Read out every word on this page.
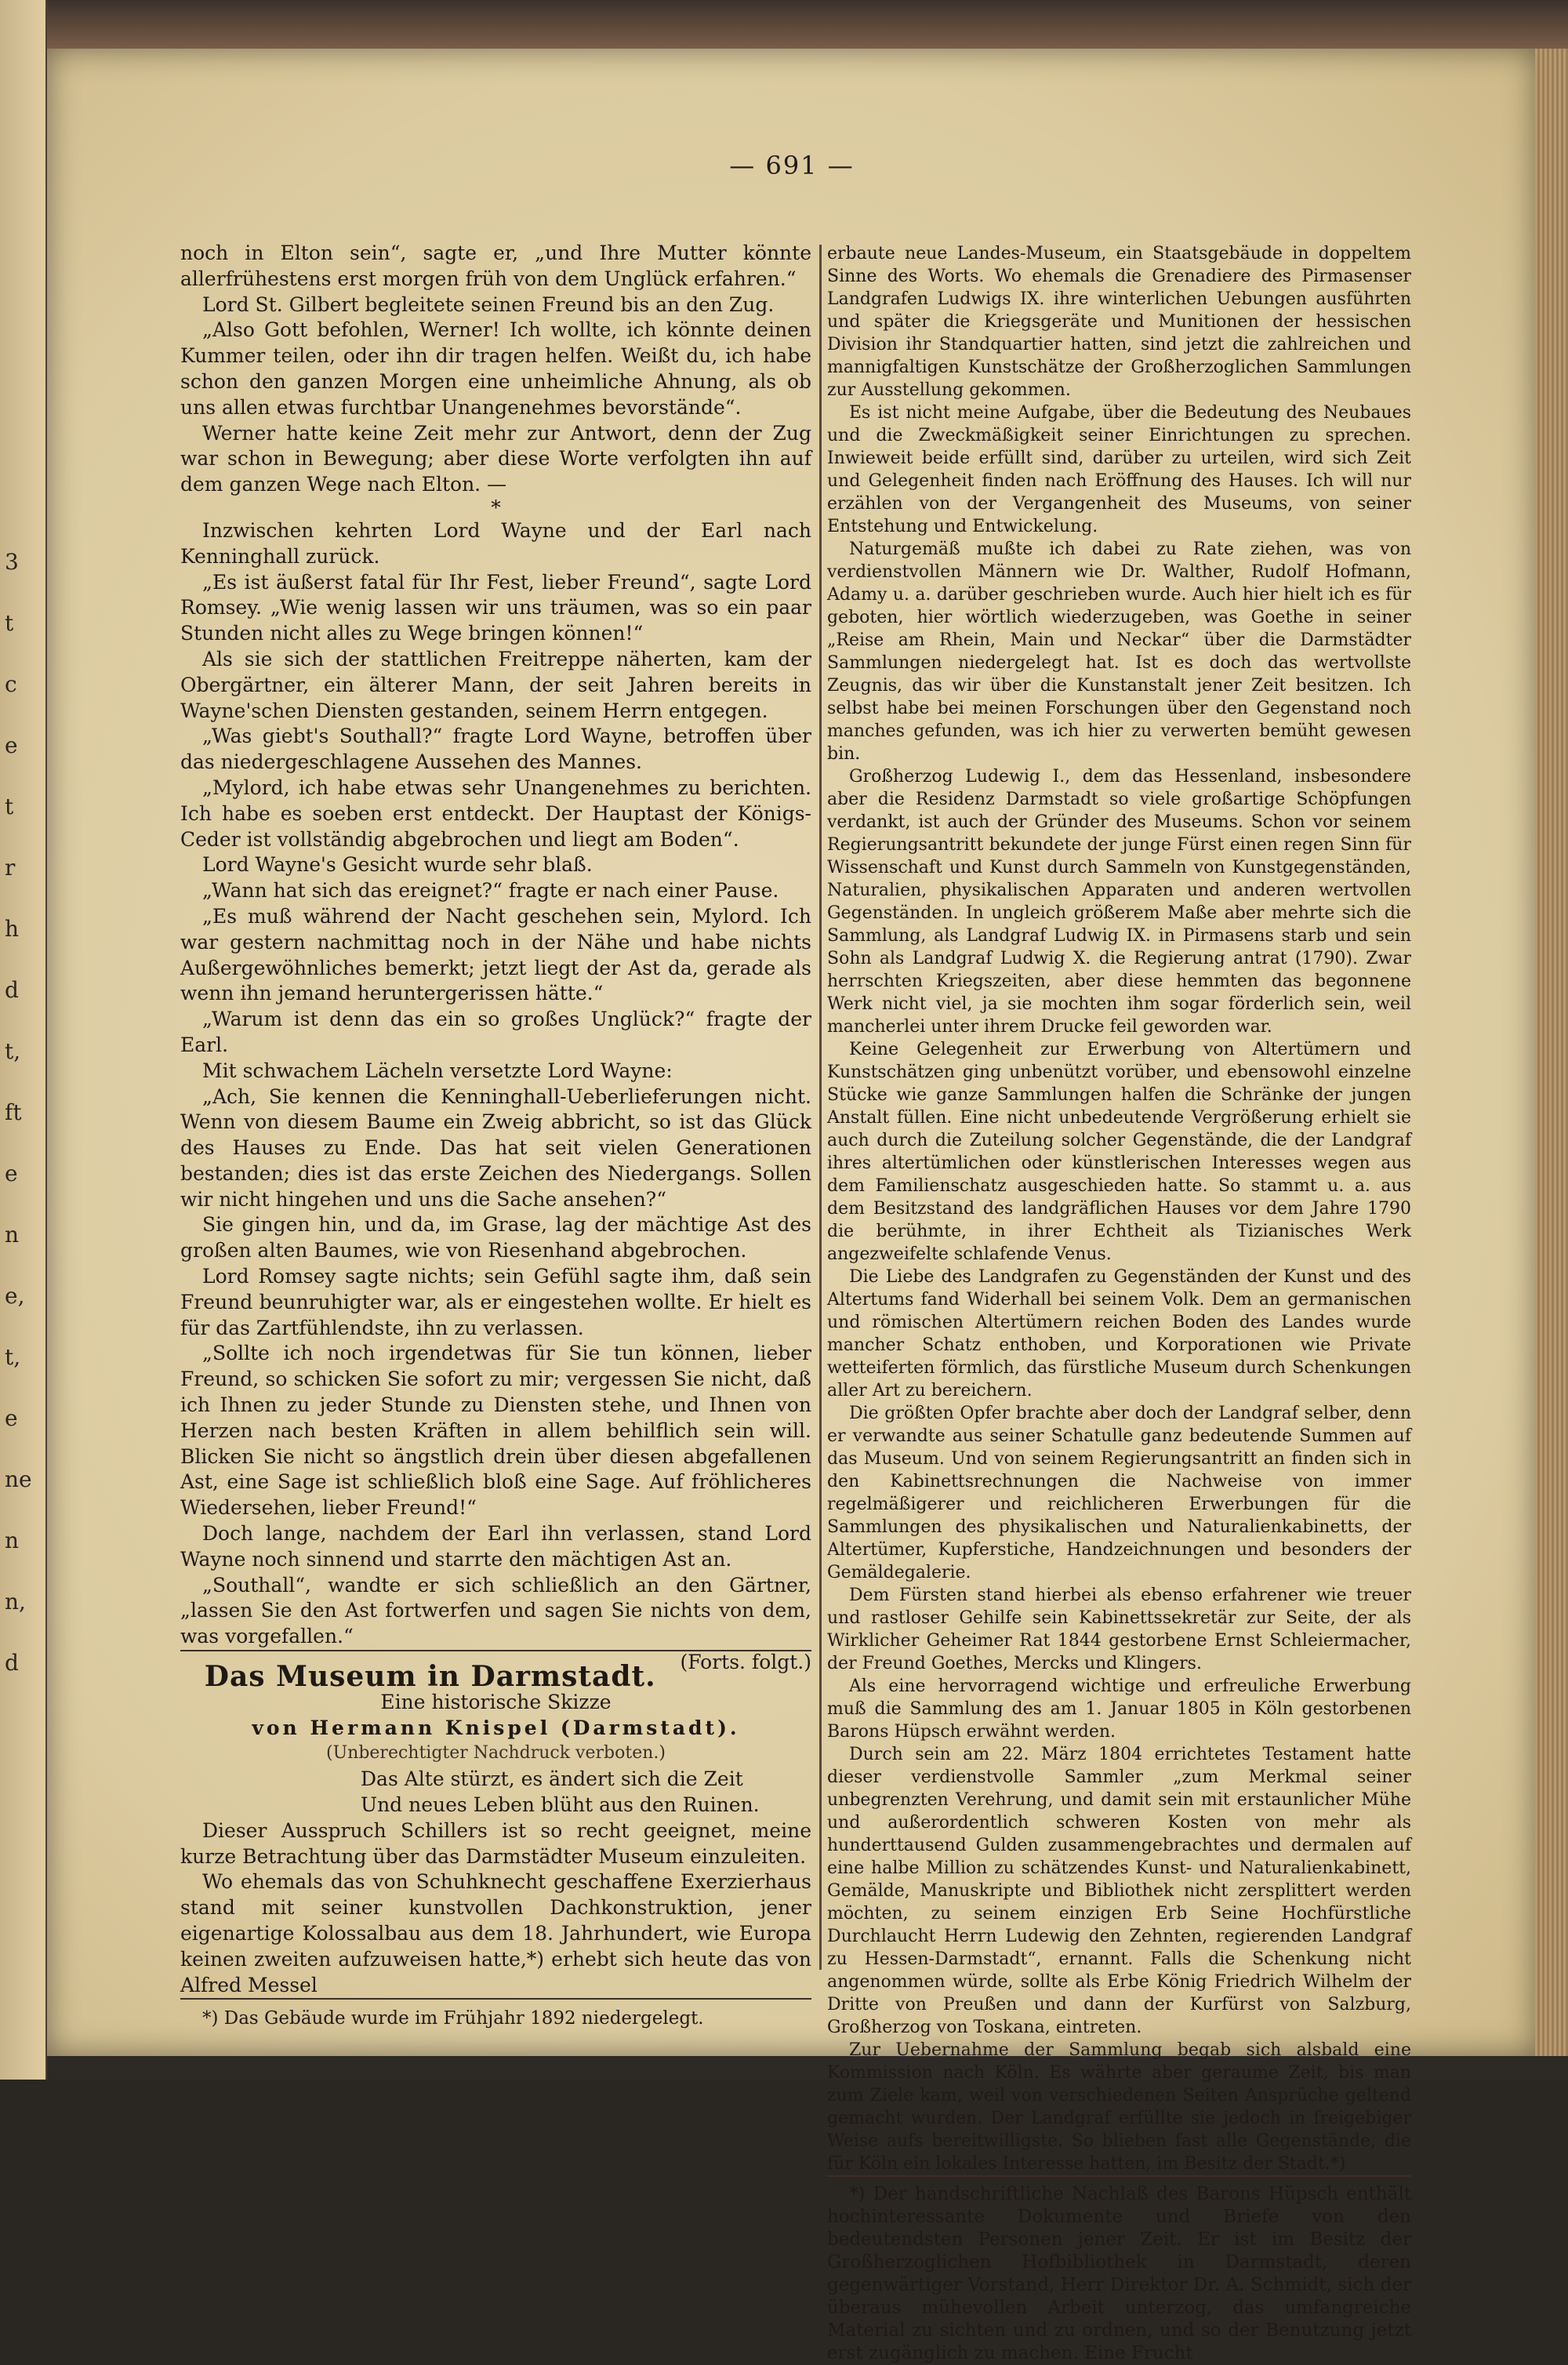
3
t
c
e
t
r
h
d
t,
ft
e
n
e,
t,
e
ne
n
n,
d
— 691 —

noch in Elton sein“, sagte er, „und Ihre Mutter könnte allerfrühestens erst morgen früh von dem Unglück erfahren.“

Lord St. Gilbert begleitete seinen Freund bis an den Zug.

„Also Gott befohlen, Werner! Ich wollte, ich könnte deinen Kummer teilen, oder ihn dir tragen helfen. Weißt du, ich habe schon den ganzen Morgen eine unheimliche Ahnung, als ob uns allen etwas furchtbar Unangenehmes bevorstände“.

Werner hatte keine Zeit mehr zur Antwort, denn der Zug war schon in Bewegung; aber diese Worte verfolgten ihn auf dem ganzen Wege nach Elton. —

*

Inzwischen kehrten Lord Wayne und der Earl nach Kenninghall zurück.

„Es ist äußerst fatal für Ihr Fest, lieber Freund“, sagte Lord Romsey. „Wie wenig lassen wir uns träumen, was so ein paar Stunden nicht alles zu Wege bringen können!“

Als sie sich der stattlichen Freitreppe näherten, kam der Obergärtner, ein älterer Mann, der seit Jahren bereits in Wayne'schen Diensten gestanden, seinem Herrn entgegen.

„Was giebt's Southall?“ fragte Lord Wayne, betroffen über das niedergeschlagene Aussehen des Mannes.

„Mylord, ich habe etwas sehr Unangenehmes zu berichten. Ich habe es soeben erst entdeckt. Der Hauptast der Königs-Ceder ist vollständig abgebrochen und liegt am Boden“.

Lord Wayne's Gesicht wurde sehr blaß.

„Wann hat sich das ereignet?“ fragte er nach einer Pause.

„Es muß während der Nacht geschehen sein, Mylord. Ich war gestern nachmittag noch in der Nähe und habe nichts Außergewöhnliches bemerkt; jetzt liegt der Ast da, gerade als wenn ihn jemand heruntergerissen hätte.“

„Warum ist denn das ein so großes Unglück?“ fragte der Earl.

Mit schwachem Lächeln versetzte Lord Wayne:

„Ach, Sie kennen die Kenninghall-Ueberlieferungen nicht. Wenn von diesem Baume ein Zweig abbricht, so ist das Glück des Hauses zu Ende. Das hat seit vielen Generationen bestanden; dies ist das erste Zeichen des Niedergangs. Sollen wir nicht hingehen und uns die Sache ansehen?“

Sie gingen hin, und da, im Grase, lag der mächtige Ast des großen alten Baumes, wie von Riesenhand abgebrochen.

Lord Romsey sagte nichts; sein Gefühl sagte ihm, daß sein Freund beunruhigter war, als er eingestehen wollte. Er hielt es für das Zartfühlendste, ihn zu verlassen.

„Sollte ich noch irgendetwas für Sie tun können, lieber Freund, so schicken Sie sofort zu mir; vergessen Sie nicht, daß ich Ihnen zu jeder Stunde zu Diensten stehe, und Ihnen von Herzen nach besten Kräften in allem behilflich sein will. Blicken Sie nicht so ängstlich drein über diesen abgefallenen Ast, eine Sage ist schließlich bloß eine Sage. Auf fröhlicheres Wiedersehen, lieber Freund!“

Doch lange, nachdem der Earl ihn verlassen, stand Lord Wayne noch sinnend und starrte den mächtigen Ast an.

„Southall“, wandte er sich schließlich an den Gärtner, „lassen Sie den Ast fortwerfen und sagen Sie nichts von dem, was vorgefallen.“

(Forts. folgt.)

Das Museum in Darmstadt.

Eine historische Skizze

von Hermann Knispel (Darmstadt).

(Unberechtigter Nachdruck verboten.)

Das Alte stürzt, es ändert sich die Zeit

Und neues Leben blüht aus den Ruinen.

Dieser Ausspruch Schillers ist so recht geeignet, meine kurze Betrachtung über das Darmstädter Museum einzuleiten.

Wo ehemals das von Schuhknecht geschaffene Exerzierhaus stand mit seiner kunstvollen Dachkonstruktion, jener eigenartige Kolossalbau aus dem 18. Jahrhundert, wie Europa keinen zweiten aufzuweisen hatte,*) erhebt sich heute das von Alfred Messel

*) Das Gebäude wurde im Frühjahr 1892 niedergelegt.

erbaute neue Landes-Museum, ein Staatsgebäude in doppeltem Sinne des Worts. Wo ehemals die Grenadiere des Pirmasenser Landgrafen Ludwigs IX. ihre winterlichen Uebungen ausführten und später die Kriegsgeräte und Munitionen der hessischen Division ihr Standquartier hatten, sind jetzt die zahlreichen und mannigfaltigen Kunstschätze der Großherzoglichen Sammlungen zur Ausstellung gekommen.

Es ist nicht meine Aufgabe, über die Bedeutung des Neubaues und die Zweckmäßigkeit seiner Einrichtungen zu sprechen. Inwieweit beide erfüllt sind, darüber zu urteilen, wird sich Zeit und Gelegenheit finden nach Eröffnung des Hauses. Ich will nur erzählen von der Vergangenheit des Museums, von seiner Entstehung und Entwickelung.

Naturgemäß mußte ich dabei zu Rate ziehen, was von verdienstvollen Männern wie Dr. Walther, Rudolf Hofmann, Adamy u. a. darüber geschrieben wurde. Auch hier hielt ich es für geboten, hier wörtlich wiederzugeben, was Goethe in seiner „Reise am Rhein, Main und Neckar“ über die Darmstädter Sammlungen niedergelegt hat. Ist es doch das wertvollste Zeugnis, das wir über die Kunstanstalt jener Zeit besitzen. Ich selbst habe bei meinen Forschungen über den Gegenstand noch manches gefunden, was ich hier zu verwerten bemüht gewesen bin.

Großherzog Ludewig I., dem das Hessenland, insbesondere aber die Residenz Darmstadt so viele großartige Schöpfungen verdankt, ist auch der Gründer des Museums. Schon vor seinem Regierungsantritt bekundete der junge Fürst einen regen Sinn für Wissenschaft und Kunst durch Sammeln von Kunstgegenständen, Naturalien, physikalischen Apparaten und anderen wertvollen Gegenständen. In ungleich größerem Maße aber mehrte sich die Sammlung, als Landgraf Ludwig IX. in Pirmasens starb und sein Sohn als Landgraf Ludwig X. die Regierung antrat (1790). Zwar herrschten Kriegszeiten, aber diese hemmten das begonnene Werk nicht viel, ja sie mochten ihm sogar förderlich sein, weil mancherlei unter ihrem Drucke feil geworden war.

Keine Gelegenheit zur Erwerbung von Altertümern und Kunstschätzen ging unbenützt vorüber, und ebensowohl einzelne Stücke wie ganze Sammlungen halfen die Schränke der jungen Anstalt füllen. Eine nicht unbedeutende Vergrößerung erhielt sie auch durch die Zuteilung solcher Gegenstände, die der Landgraf ihres altertümlichen oder künstlerischen Interesses wegen aus dem Familienschatz ausgeschieden hatte. So stammt u. a. aus dem Besitzstand des landgräflichen Hauses vor dem Jahre 1790 die berühmte, in ihrer Echtheit als Tizianisches Werk angezweifelte schlafende Venus.

Die Liebe des Landgrafen zu Gegenständen der Kunst und des Altertums fand Widerhall bei seinem Volk. Dem an germanischen und römischen Altertümern reichen Boden des Landes wurde mancher Schatz enthoben, und Korporationen wie Private wetteiferten förmlich, das fürstliche Museum durch Schenkungen aller Art zu bereichern.

Die größten Opfer brachte aber doch der Landgraf selber, denn er verwandte aus seiner Schatulle ganz bedeutende Summen auf das Museum. Und von seinem Regierungsantritt an finden sich in den Kabinettsrechnungen die Nachweise von immer regelmäßigerer und reichlicheren Erwerbungen für die Sammlungen des physikalischen und Naturalienkabinetts, der Altertümer, Kupferstiche, Handzeichnungen und besonders der Gemäldegalerie.

Dem Fürsten stand hierbei als ebenso erfahrener wie treuer und rastloser Gehilfe sein Kabinettssekretär zur Seite, der als Wirklicher Geheimer Rat 1844 gestorbene Ernst Schleiermacher, der Freund Goethes, Mercks und Klingers.

Als eine hervorragend wichtige und erfreuliche Erwerbung muß die Sammlung des am 1. Januar 1805 in Köln gestorbenen Barons Hüpsch erwähnt werden.

Durch sein am 22. März 1804 errichtetes Testament hatte dieser verdienstvolle Sammler „zum Merkmal seiner unbegrenzten Verehrung, und damit sein mit erstaunlicher Mühe und außerordentlich schweren Kosten von mehr als hunderttausend Gulden zusammengebrachtes und dermalen auf eine halbe Million zu schätzendes Kunst- und Naturalienkabinett, Gemälde, Manuskripte und Bibliothek nicht zersplittert werden möchten, zu seinem einzigen Erb Seine Hochfürstliche Durchlaucht Herrn Ludewig den Zehnten, regierenden Landgraf zu Hessen-Darmstadt“, ernannt. Falls die Schenkung nicht angenommen würde, sollte als Erbe König Friedrich Wilhelm der Dritte von Preußen und dann der Kurfürst von Salzburg, Großherzog von Toskana, eintreten.

Zur Uebernahme der Sammlung begab sich alsbald eine Kommission nach Köln. Es währte aber geraume Zeit, bis man zum Ziele kam, weil von verschiedenen Seiten Ansprüche geltend gemacht wurden. Der Landgraf erfüllte sie jedoch in freigebiger Weise aufs bereitwilligste. So blieben fast alle Gegenstände, die für Köln ein lokales Interesse hatten, im Besitz der Stadt.*)

*) Der handschriftliche Nachlaß des Barons Hüpsch enthält hochinteressante Dokumente und Briefe von den bedeutendsten Personen jener Zeit. Er ist im Besitz der Großherzoglichen Hofbibliothek in Darmstadt, deren gegenwärtiger Vorstand, Herr Direktor Dr. A. Schmidt, sich der überaus mühevollen Arbeit unterzog, das umfangreiche Material zu sichten und zu ordnen, und so der Benutzung jetzt erst zugänglich zu machen. Eine Frucht
